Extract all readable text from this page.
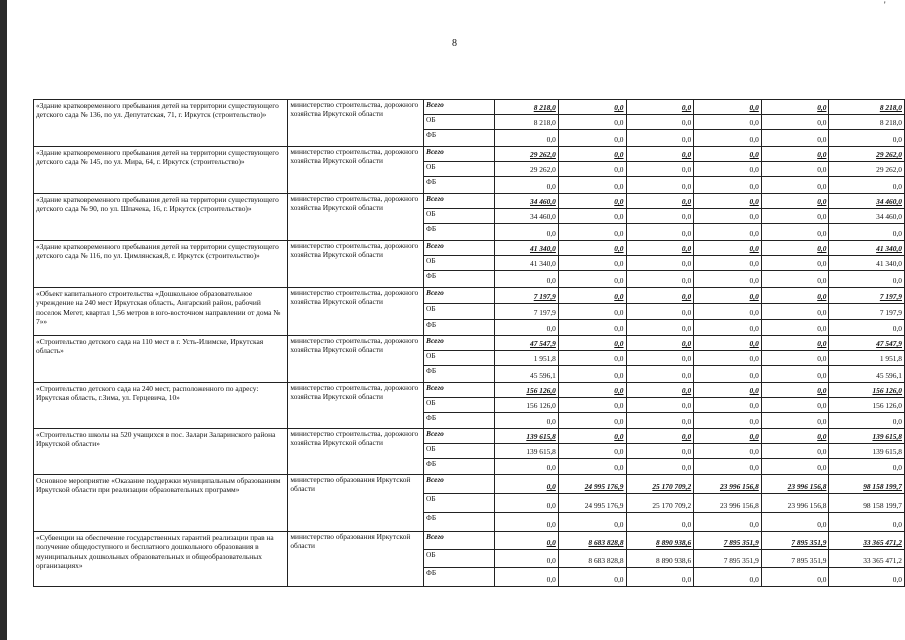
8
'
«Здание кратковременного пребывания детей на территории существующего детского сада № 136, по ул. Депутатская, 71, г. Иркутск (строительство)»	министерство строительства, дорожного хозяйства Иркутской области	Всего	8 218,0	0,0	0,0	0,0	0,0	8 218,0
		ОБ	8 218,0	0,0	0,0	0,0	0,0	8 218,0
		ФБ	0,0	0,0	0,0	0,0	0,0	0,0
«Здание кратковременного пребывания детей на территории существующего детского сада № 145, по ул. Мира, 64, г. Иркутск (строительство)»	министерство строительства, дорожного хозяйства Иркутской области	Всего	29 262,0	0,0	0,0	0,0	0,0	29 262,0
		ОБ	29 262,0	0,0	0,0	0,0	0,0	29 262,0
		ФБ	0,0	0,0	0,0	0,0	0,0	0,0
«Здание кратковременного пребывания детей на территории существующего детского сада № 90, по ул. Шпачека, 16, г. Иркутск (строительство)»	министерство строительства, дорожного хозяйства Иркутской области	Всего	34 460,0	0,0	0,0	0,0	0,0	34 460,0
		ОБ	34 460,0	0,0	0,0	0,0	0,0	34 460,0
		ФБ	0,0	0,0	0,0	0,0	0,0	0,0
«Здание кратковременного пребывания детей на территории существующего детского сада № 116, по ул. Цимлянская,8, г. Иркутск (строительство)»	министерство строительства, дорожного хозяйства Иркутской области	Всего	41 340,0	0,0	0,0	0,0	0,0	41 340,0
		ОБ	41 340,0	0,0	0,0	0,0	0,0	41 340,0
		ФБ	0,0	0,0	0,0	0,0	0,0	0,0
«Объект капитального строительства «Дошкольное образовательное учреждение на 240 мест Иркутская область, Ангарский район, рабочий поселок Мегет, квартал 1,56 метров в юго-восточном направлении от дома № 7»»	министерство строительства, дорожного хозяйства Иркутской области	Всего	7 197,9	0,0	0,0	0,0	0,0	7 197,9
		ОБ	7 197,9	0,0	0,0	0,0	0,0	7 197,9
		ФБ	0,0	0,0	0,0	0,0	0,0	0,0
«Строительство детского сада на 110 мест в г. Усть-Илимске, Иркутская область»	министерство строительства, дорожного хозяйства Иркутской области	Всего	47 547,9	0,0	0,0	0,0	0,0	47 547,9
		ОБ	1 951,8	0,0	0,0	0,0	0,0	1 951,8
		ФБ	45 596,1	0,0	0,0	0,0	0,0	45 596,1
«Строительство детского сада на 240 мест, расположенного по адресу: Иркутская область, г.Зима, ул. Герцевича, 10»	министерство строительства, дорожного хозяйства Иркутской области	Всего	156 126,0	0,0	0,0	0,0	0,0	156 126,0
		ОБ	156 126,0	0,0	0,0	0,0	0,0	156 126,0
		ФБ	0,0	0,0	0,0	0,0	0,0	0,0
«Строительство школы на 520 учащихся в пос. Залари Заларинского района Иркутской области»	министерство строительства, дорожного хозяйства Иркутской области	Всего	139 615,8	0,0	0,0	0,0	0,0	139 615,8
		ОБ	139 615,8	0,0	0,0	0,0	0,0	139 615,8
		ФБ	0,0	0,0	0,0	0,0	0,0	0,0
Основное мероприятие «Оказание поддержки муниципальным образованиям Иркутской области при реализации образовательных программ»	министерство образования Иркутской области	Всего	0,0	24 995 176,9	25 170 709,2	23 996 156,8	23 996 156,8	98 158 199,7
		ОБ	0,0	24 995 176,9	25 170 709,2	23 996 156,8	23 996 156,8	98 158 199,7
		ФБ	0,0	0,0	0,0	0,0	0,0	0,0
«Субвенции на обеспечение государственных гарантий реализации прав на получение общедоступного и бесплатного дошкольного образования в муниципальных дошкольных образовательных и общеобразовательных организациях»	министерство образования Иркутской области	Всего	0,0	8 683 828,8	8 890 938,6	7 895 351,9	7 895 351,9	33 365 471,2
		ОБ	0,0	8 683 828,8	8 890 938,6	7 895 351,9	7 895 351,9	33 365 471,2
		ФБ	0,0	0,0	0,0	0,0	0,0	0,0
